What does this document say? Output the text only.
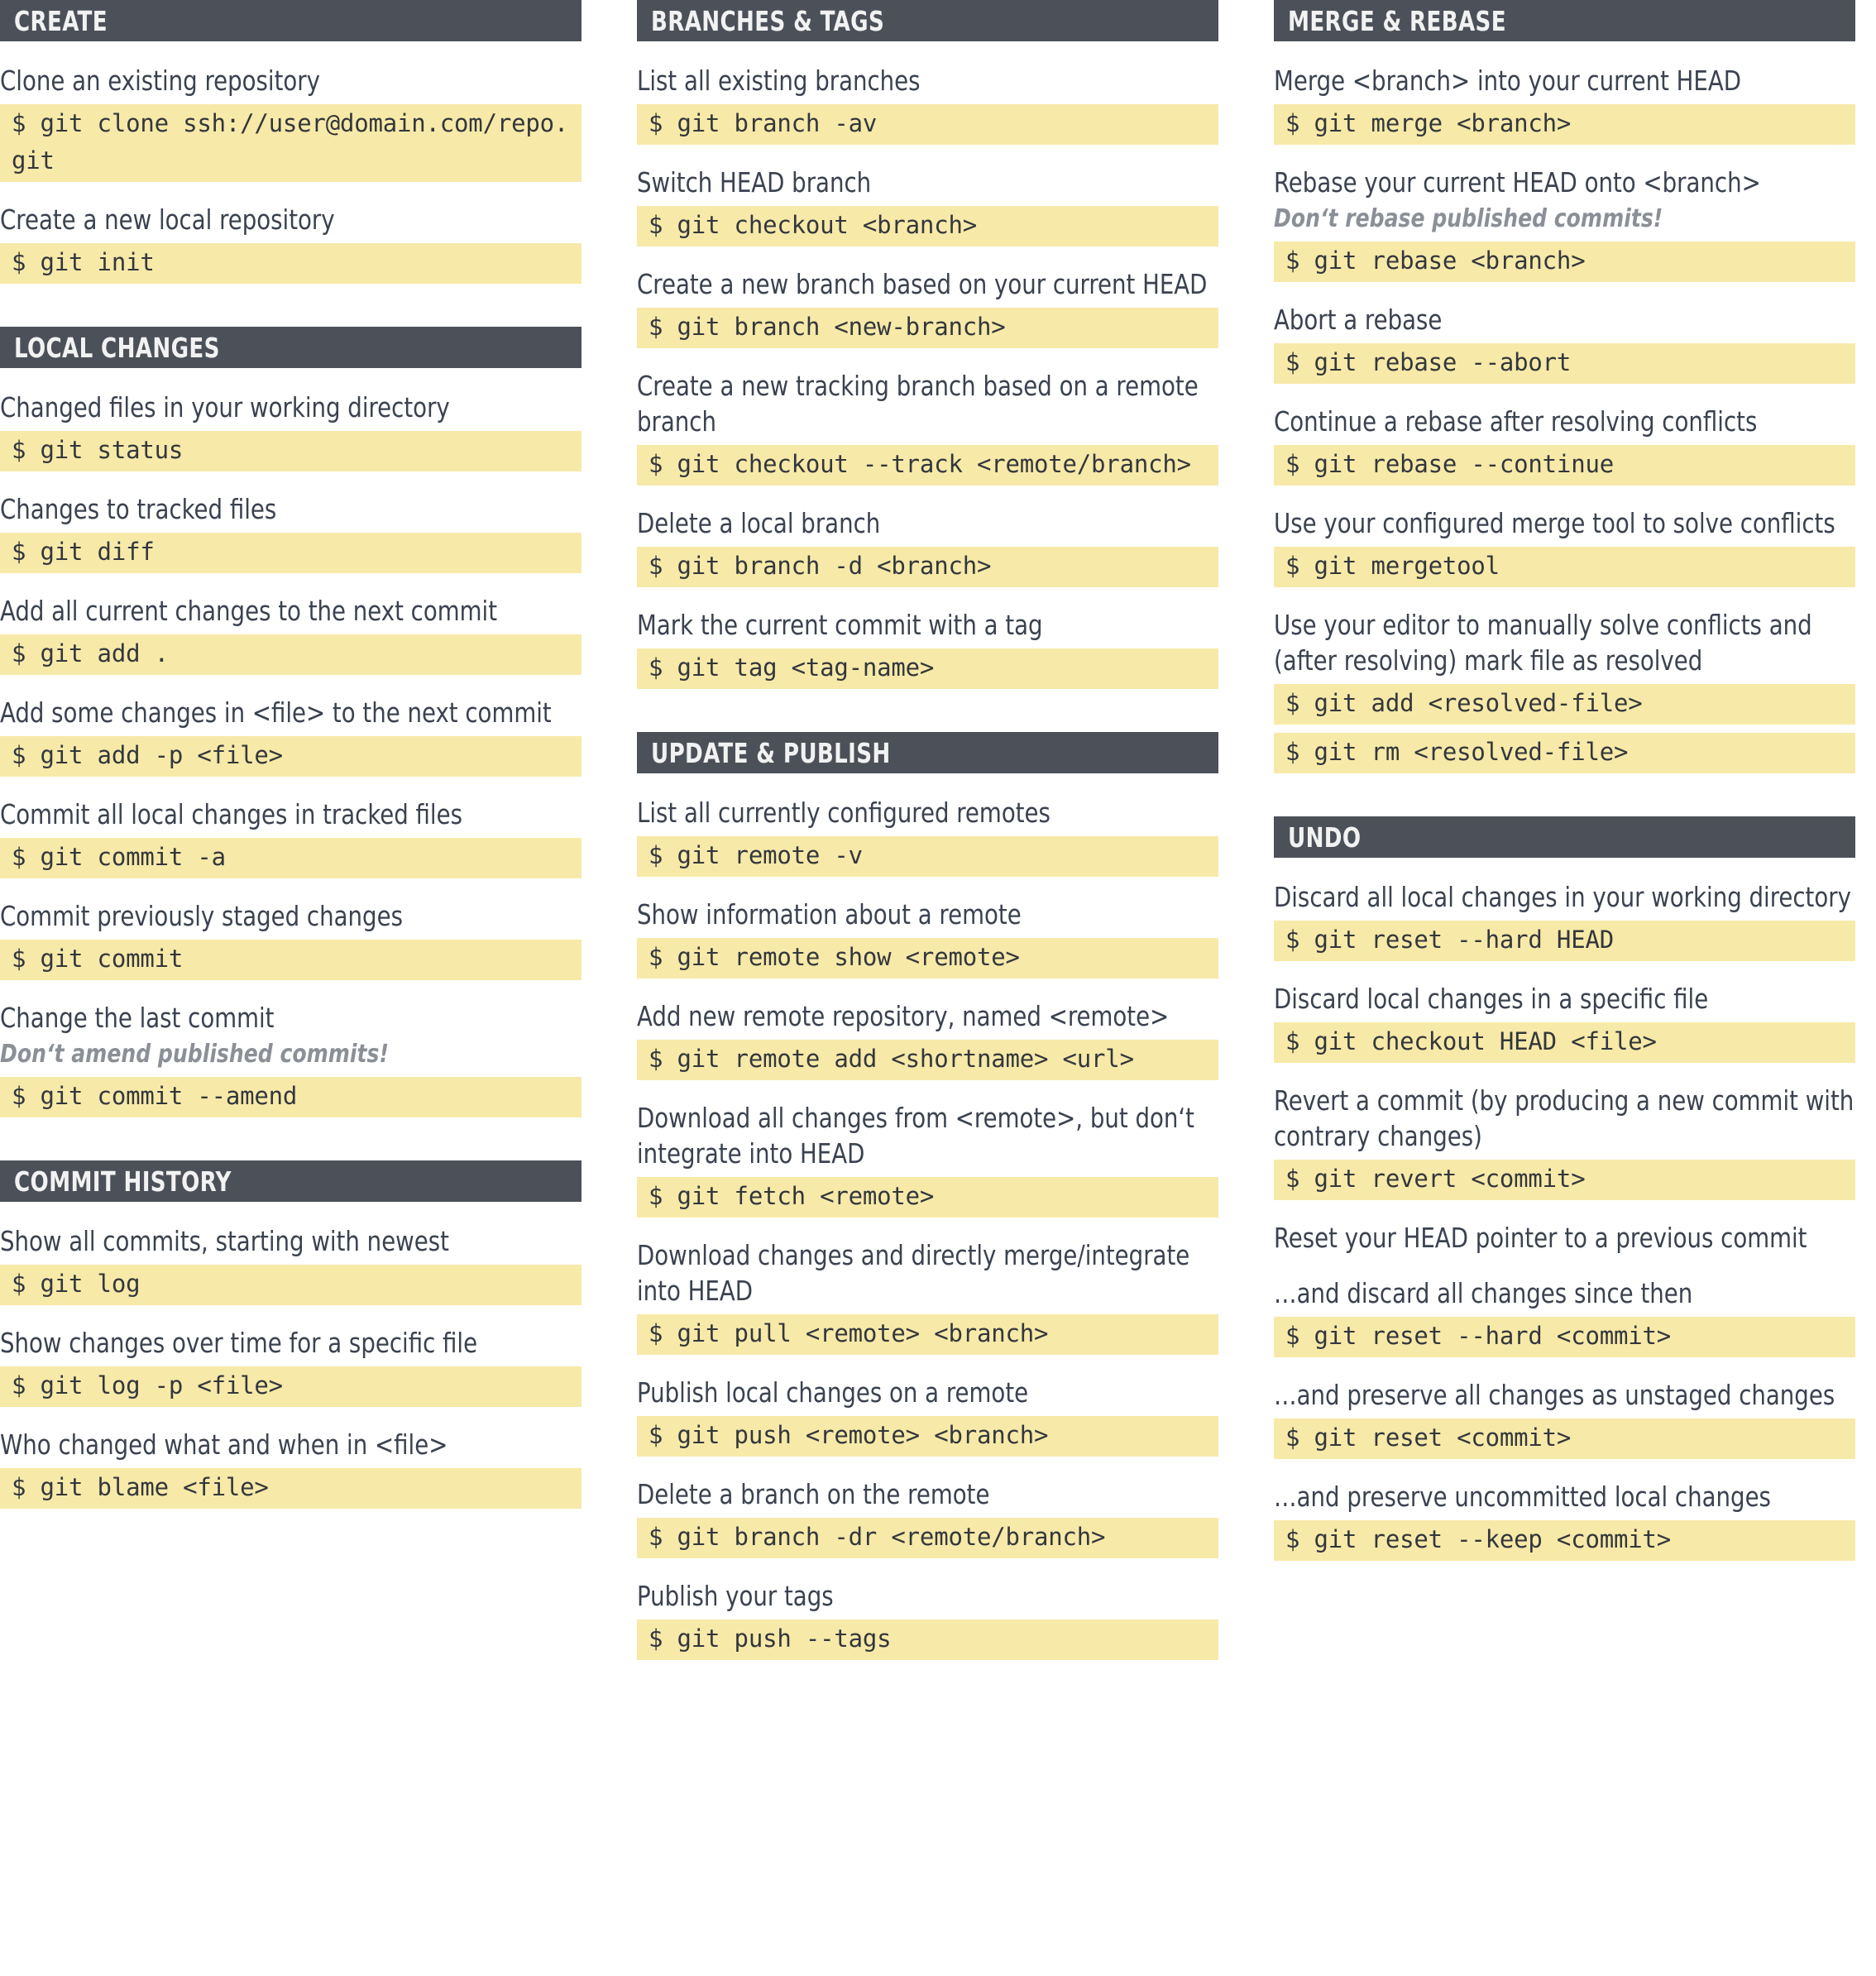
CREATE
Clone an existing repository
$ git clone ssh://user@domain.com/repo.git
Create a new local repository
$ git init
LOCAL CHANGES
Changed files in your working directory
$ git status
Changes to tracked files
$ git diff
Add all current changes to the next commit
$ git add .
Add some changes in <file> to the next commit
$ git add -p <file>
Commit all local changes in tracked files
$ git commit -a
Commit previously staged changes
$ git commit
Change the last commit
Don‘t amend published commits!
$ git commit --amend
COMMIT HISTORY
Show all commits, starting with newest
$ git log
Show changes over time for a specific file
$ git log -p <file>
Who changed what and when in <file>
$ git blame <file>
BRANCHES & TAGS
List all existing branches
$ git branch -av
Switch HEAD branch
$ git checkout <branch>
Create a new branch based on your current HEAD
$ git branch <new-branch>
Create a new tracking branch based on a remote branch
$ git checkout --track <remote/branch>
Delete a local branch
$ git branch -d <branch>
Mark the current commit with a tag
$ git tag <tag-name>
UPDATE & PUBLISH
List all currently configured remotes
$ git remote -v
Show information about a remote
$ git remote show <remote>
Add new remote repository, named <remote>
$ git remote add <shortname> <url>
Download all changes from <remote>, but don‘t integrate into HEAD
$ git fetch <remote>
Download changes and directly merge/integrate into HEAD
$ git pull <remote> <branch>
Publish local changes on a remote
$ git push <remote> <branch>
Delete a branch on the remote
$ git branch -dr <remote/branch>
Publish your tags
$ git push --tags
MERGE & REBASE
Merge <branch> into your current HEAD
$ git merge <branch>
Rebase your current HEAD onto <branch>
Don‘t rebase published commits!
$ git rebase <branch>
Abort a rebase
$ git rebase --abort
Continue a rebase after resolving conflicts
$ git rebase --continue
Use your configured merge tool to solve conflicts
$ git mergetool
Use your editor to manually solve conflicts and (after resolving) mark file as resolved
$ git add <resolved-file>
$ git rm <resolved-file>
UNDO
Discard all local changes in your working directory
$ git reset --hard HEAD
Discard local changes in a specific file
$ git checkout HEAD <file>
Revert a commit (by producing a new commit with contrary changes)
$ git revert <commit>
Reset your HEAD pointer to a previous commit
…and discard all changes since then
$ git reset --hard <commit>
…and preserve all changes as unstaged changes
$ git reset <commit>
…and preserve uncommitted local changes
$ git reset --keep <commit>
